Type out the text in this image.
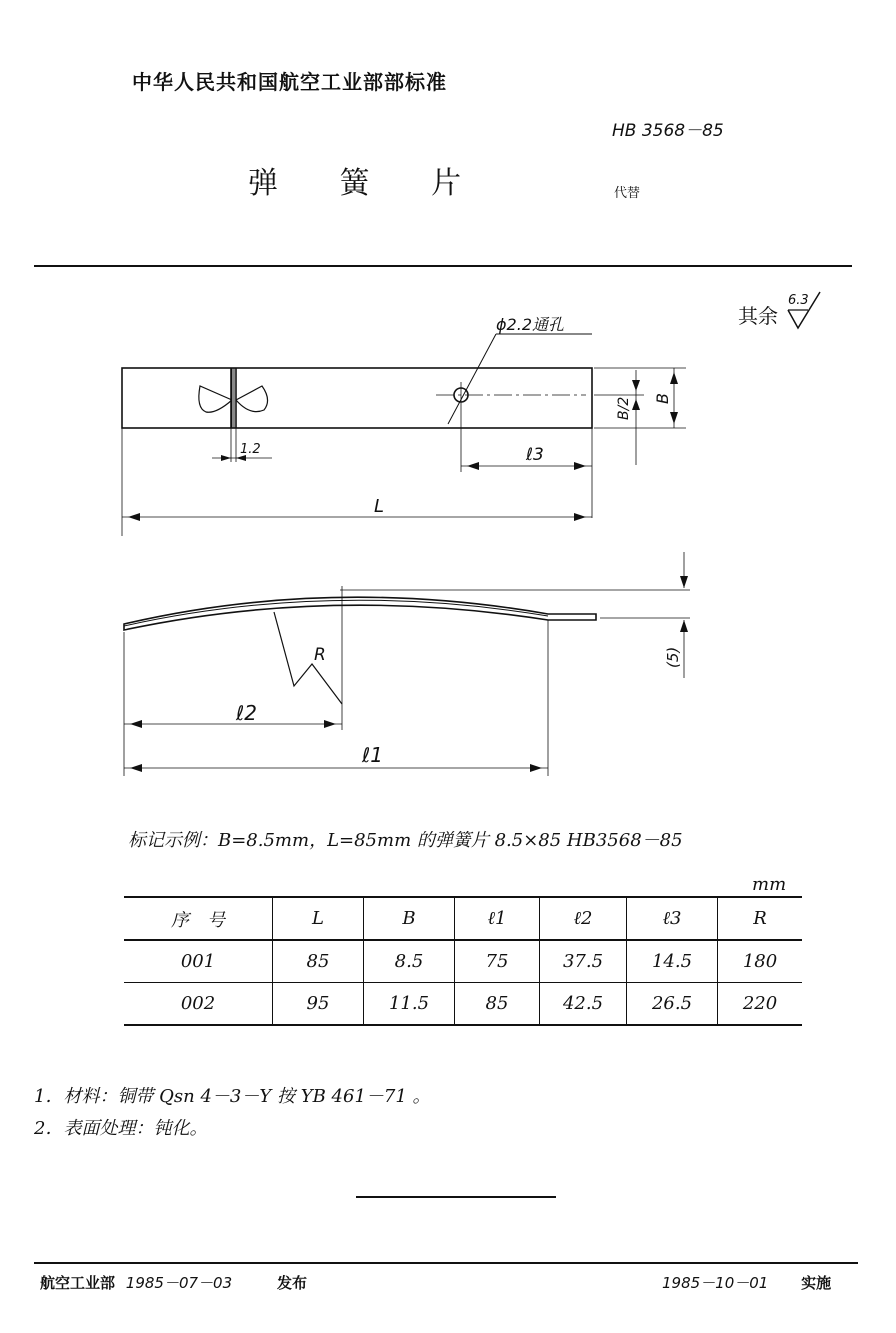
中华人民共和国航空工业部部标准
HB 3568－85
弹 簧 片	代替
其余
6.3
ϕ2.2通孔
L
1.2	ℓ3
B
B/2
(5)
R
ℓ2
ℓ1
标记示例：B=8.5mm，L=85mm 的弹簧片 8.5×85 HB3568－85
mm
序　号	L	B	ℓ1	ℓ2	ℓ3	R
001	85	8.5	75	37.5	14.5	180
002	95	11.5	85	42.5	26.5	220
1．材料：铜带 Qsn 4－3－Y 按 YB 461－71 。
2．表面处理：钝化。
航空工业部 1985－07－03	发布	1985－10－01 实施
